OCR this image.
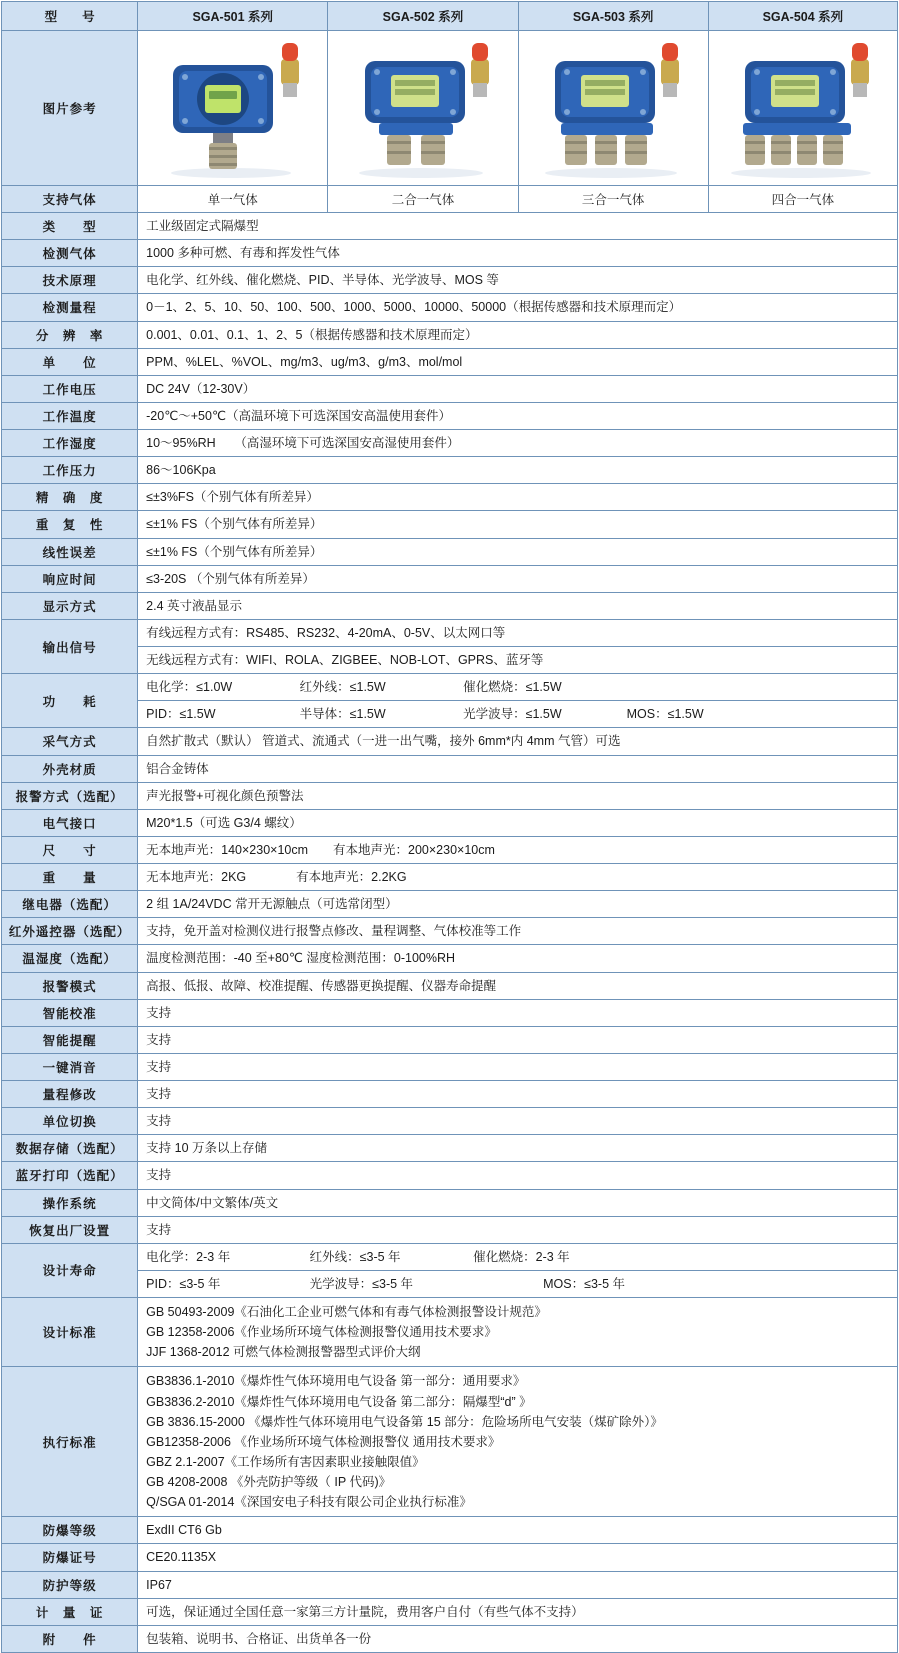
型　　号	SGA-501 系列	SGA-502 系列	SGA-503 系列	SGA-504 系列
图片参考	

支持气体	单一气体	二合一气体	三合一气体	四合一气体
类　　型	工业级固定式隔爆型			
检测气体	1000 多种可燃、有毒和挥发性气体			
技术原理	电化学、红外线、催化燃烧、PID、半导体、光学波导、MOS 等			
检测量程	0－1、2、5、10、50、100、500、1000、5000、10000、50000（根据传感器和技术原理而定）			
分　辨　率	0.001、0.01、0.1、1、2、5（根据传感器和技术原理而定）			
单　　位	PPM、%LEL、%VOL、mg/m3、ug/m3、g/m3、mol/mol			
工作电压	DC 24V（12-30V）			
工作温度	-20℃～+50℃（高温环境下可选深国安高温使用套件）			
工作湿度	10～95%RH　　（高湿环境下可选深国安高湿使用套件）			
工作压力	86～106Kpa			
精　确　度	≤±3%FS（个别气体有所差异）			
重　复　性	≤±1% FS（个别气体有所差异）			
线性误差	≤±1% FS（个别气体有所差异）			
响应时间	≤3-20S （个别气体有所差异）			
显示方式	2.4 英寸液晶显示			
输出信号	有线远程方式有：RS485、RS232、4-20mA、0-5V、以太网口等			
	无线远程方式有：WIFI、ROLA、ZIGBEE、NOB-LOT、GPRS、蓝牙等			
功　　耗	电化学：≤1.0W 红外线：≤1.5W 催化燃烧：≤1.5W			
	PID：≤1.5W 半导体：≤1.5W 光学波导：≤1.5W MOS：≤1.5W			
采气方式	自然扩散式（默认） 管道式、流通式（一进一出气嘴，接外 6mm*内 4mm 气管）可选			
外壳材质	铝合金铸体			
报警方式（选配）	声光报警+可视化颜色预警法			
电气接口	M20*1.5（可选 G3/4 螺纹）			
尺　　寸	无本地声光：140×230×10cm　　有本地声光：200×230×10cm			
重　　量	无本地声光：2KG　　　　有本地声光：2.2KG			
继电器（选配）	2 组 1A/24VDC 常开无源触点（可选常闭型）			
红外遥控器（选配）	支持，免开盖对检测仪进行报警点修改、量程调整、气体校准等工作			
温湿度（选配）	温度检测范围：-40 至+80℃ 湿度检测范围：0-100%RH			
报警模式	高报、低报、故障、校准提醒、传感器更换提醒、仪器寿命提醒			
智能校准	支持			
智能提醒	支持			
一键消音	支持			
量程修改	支持			
单位切换	支持			
数据存储（选配）	支持 10 万条以上存储			
蓝牙打印（选配）	支持			
操作系统	中文简体/中文繁体/英文			
恢复出厂设置	支持			
设计寿命	电化学：2-3 年 红外线：≤3-5 年 催化燃烧：2-3 年			
	PID：≤3-5 年 光学波导：≤3-5 年 MOS：≤3-5 年			
设计标准	GB 50493-2009《石油化工企业可燃气体和有毒气体检测报警设计规范》
GB 12358-2006《作业场所环境气体检测报警仪通用技术要求》
JJF 1368-2012 可燃气体检测报警器型式评价大纲			

执行标准	
GB3836.1-2010《爆炸性气体环境用电气设备 第一部分：通用要求》
GB3836.2-2010《爆炸性气体环境用电气设备 第二部分：隔爆型“d” 》
GB 3836.15-2000 《爆炸性气体环境用电气设备第 15 部分：危险场所电气安装（煤矿除外）》
GB12358-2006 《作业场所环境气体检测报警仪 通用技术要求》
GBZ 2.1-2007《工作场所有害因素职业接触限值》
GB 4208-2008 《外壳防护等级（ IP 代码)》
Q/SGA 01-2014《深国安电子科技有限公司企业执行标准》

防爆等级	ExdII CT6 Gb			
防爆证号	CE20.1135X			
防护等级	IP67			
计　量　证	可选，保证通过全国任意一家第三方计量院，费用客户自付（有些气体不支持）			
附　　件	包装箱、说明书、合格证、出货单各一份			
